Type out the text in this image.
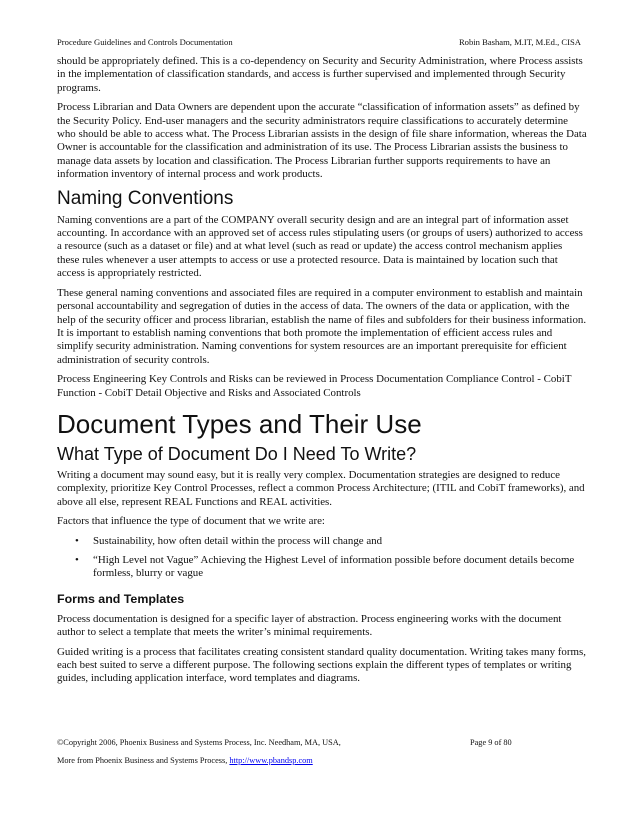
Procedure Guidelines and Controls Documentation	Robin Basham, M.IT, M.Ed., CISA

should be appropriately defined. This is a co-dependency on Security and Security Administration, where Process assists in the implementation of classification standards, and access is further supervised and implemented through Security programs.

Process Librarian and Data Owners are dependent upon the accurate “classification of information assets” as defined by the Security Policy. End-user managers and the security administrators require classifications to accurately determine who should be able to access what. The Process Librarian assists in the design of file share information, whereas the Data Owner is accountable for the classification and administration of its use. The Process Librarian assists the business to manage data assets by location and classification. The Process Librarian further supports requirements to have an information inventory of internal process and work products.

Naming Conventions

Naming conventions are a part of the COMPANY overall security design and are an integral part of information asset accounting. In accordance with an approved set of access rules stipulating users (or groups of users) authorized to access a resource (such as a dataset or file) and at what level (such as read or update) the access control mechanism applies these rules whenever a user attempts to access or use a protected resource. Data is maintained by location such that access is appropriately restricted.

These general naming conventions and associated files are required in a computer environment to establish and maintain personal accountability and segregation of duties in the access of data. The owners of the data or application, with the help of the security officer and process librarian, establish the name of files and subfolders for their business information. It is important to establish naming conventions that both promote the implementation of efficient access rules and simplify security administration. Naming conventions for system resources are an important prerequisite for efficient administration of security controls.

Process Engineering Key Controls and Risks can be reviewed in Process Documentation Compliance Control - CobiT Function - CobiT Detail Objective and Risks and Associated Controls

Document Types and Their Use
What Type of Document Do I Need To Write?

Writing a document may sound easy, but it is really very complex. Documentation strategies are designed to reduce complexity, prioritize Key Control Processes, reflect a common Process Architecture; (ITIL and CobiT frameworks), and above all else, represent REAL Functions and REAL activities.

Factors that influence the type of document that we write are:

• Sustainability, how often detail within the process will change and
• “High Level not Vague” Achieving the Highest Level of information possible before document details become formless, blurry or vague
Forms and Templates

Process documentation is designed for a specific layer of abstraction. Process engineering works with the document author to select a template that meets the writer’s minimal requirements.

Guided writing is a process that facilitates creating consistent standard quality documentation. Writing takes many forms, each best suited to serve a different purpose. The following sections explain the different types of templates or writing guides, including application interface, word templates and diagrams.

©Copyright 2006, Phoenix Business and Systems Process, Inc. Needham, MA, USA,	Page 9 of 80
More from Phoenix Business and Systems Process, http://www.pbandsp.com
